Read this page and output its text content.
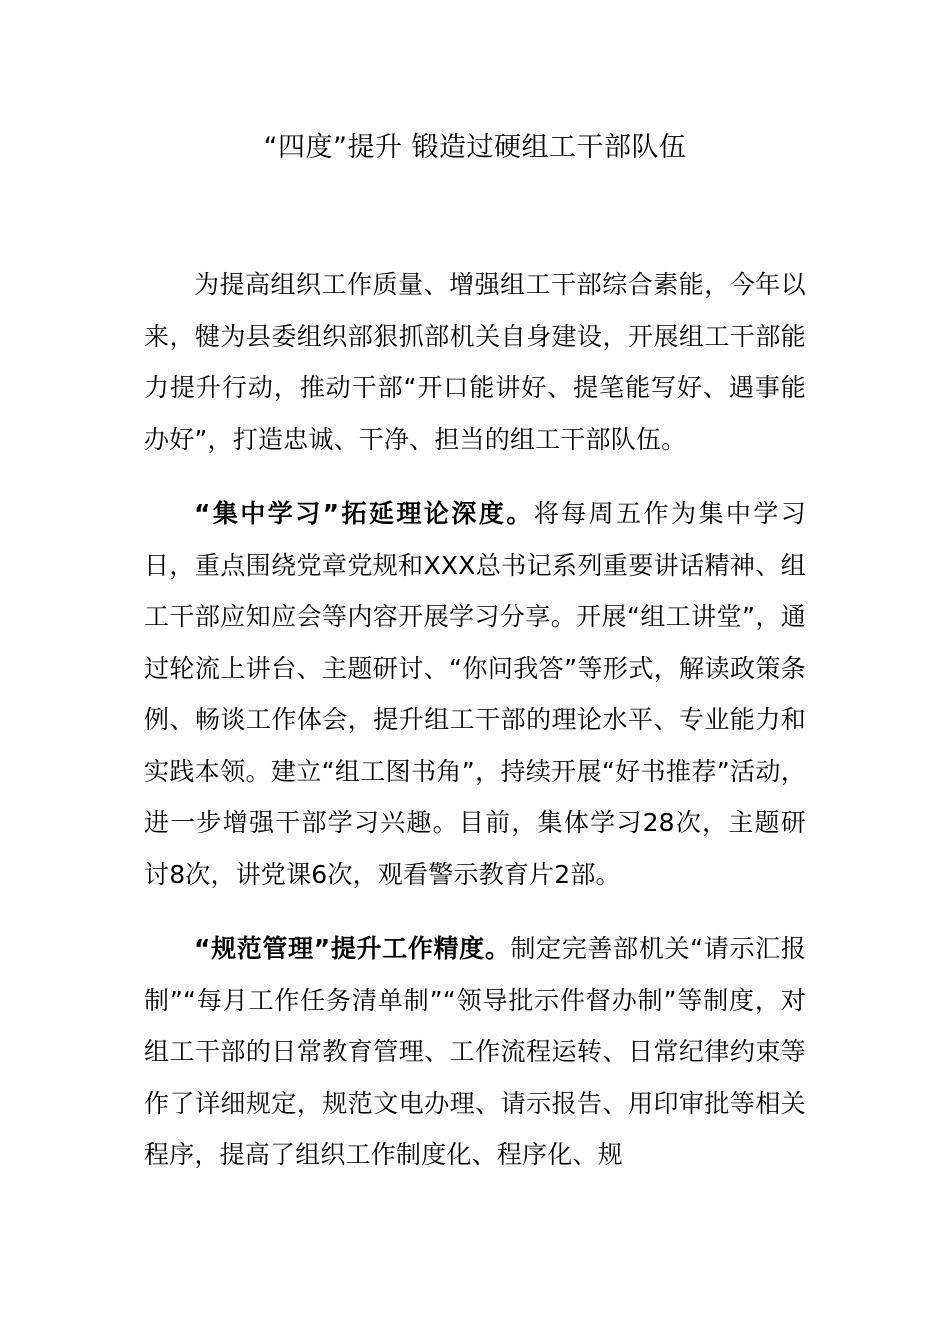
“四度”提升 锻造过硬组工干部队伍

为提高组织工作质量、增强组工干部综合素能，今年以来，犍为县委组织部狠抓部机关自身建设，开展组工干部能力提升行动，推动干部“开口能讲好、提笔能写好、遇事能办好”，打造忠诚、干净、担当的组工干部队伍。

“集中学习”拓延理论深度。将每周五作为集中学习日，重点围绕党章党规和XXX总书记系列重要讲话精神、组工干部应知应会等内容开展学习分享。开展“组工讲堂”，通过轮流上讲台、主题研讨、“你问我答”等形式，解读政策条例、畅谈工作体会，提升组工干部的理论水平、专业能力和实践本领。建立“组工图书角”，持续开展“好书推荐”活动，进一步增强干部学习兴趣。目前，集体学习28次，主题研讨8次，讲党课6次，观看警示教育片2部。

“规范管理”提升工作精度。制定完善部机关“请示汇报制”“每月工作任务清单制”“领导批示件督办制”等制度，对组工干部的日常教育管理、工作流程运转、日常纪律约束等作了详细规定，规范文电办理、请示报告、用印审批等相关程序，提高了组织工作制度化、程序化、规
